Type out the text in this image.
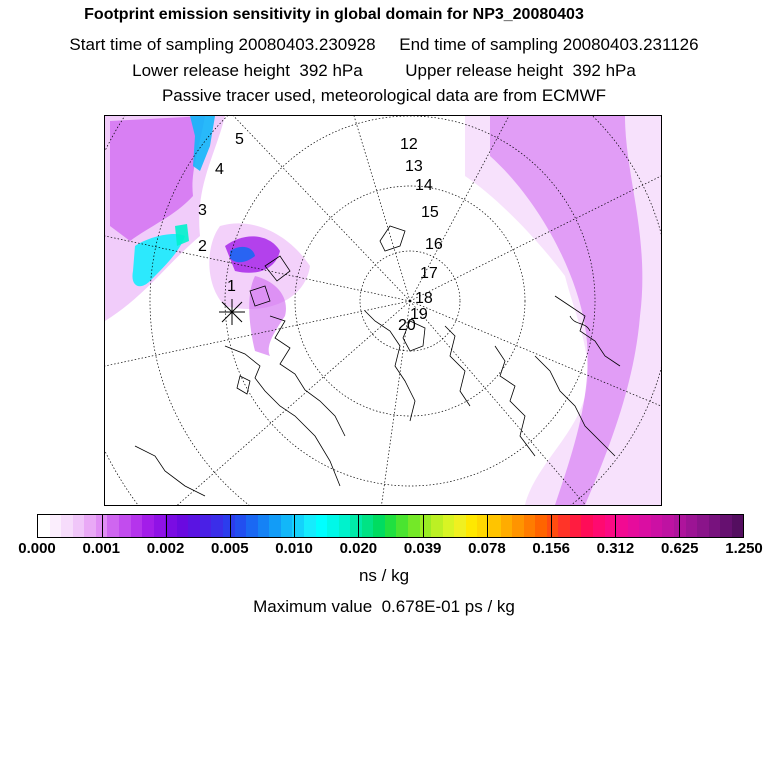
Footprint emission sensitivity in global domain for NP3_20080403
Start time of sampling 20080403.230928 End time of sampling 20080403.231126
Lower release height  392 hPa	Upper release height  392 hPa
Passive tracer used, meteorological data are from ECMWF
1
2
3
4
5	12
13
14
15
16
17
18
19
20
0.000 0.001 0.002 0.005 0.010 0.020 0.039 0.078 0.156 0.312 0.625 1.250
ns / kg
Maximum value  0.678E-01 ps / kg
